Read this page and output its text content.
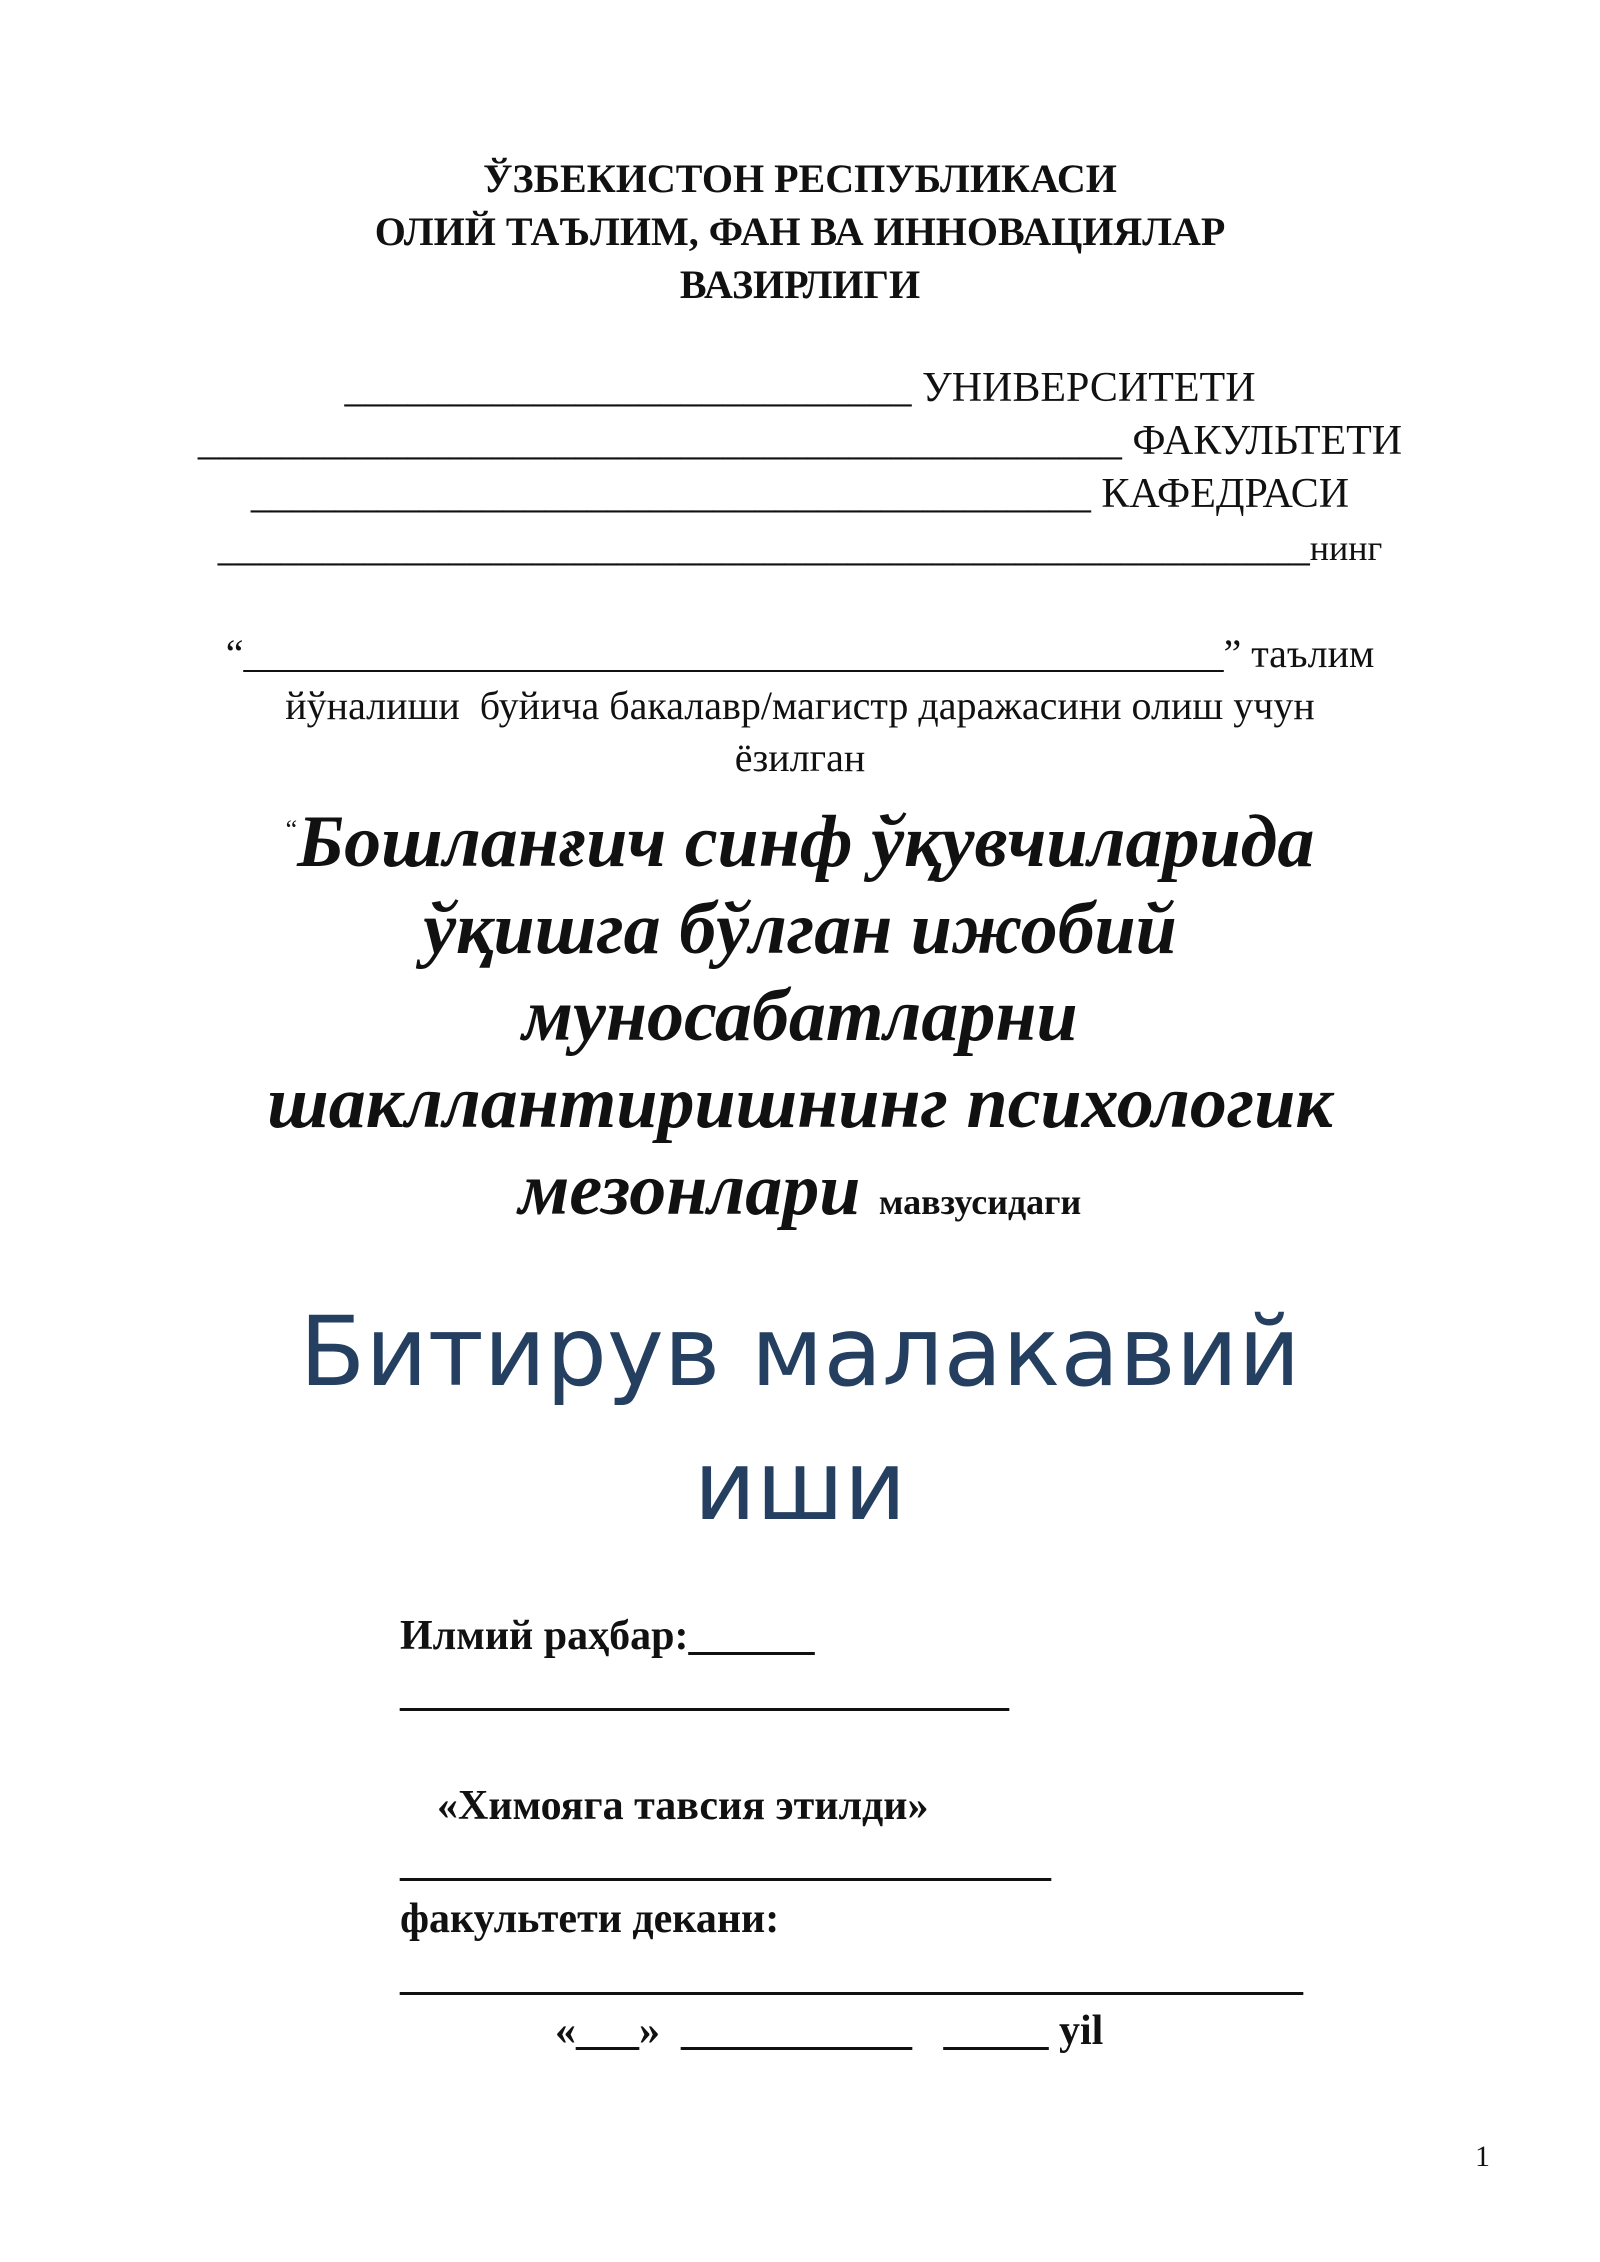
ЎЗБЕКИСТОН РЕСПУБЛИКАСИ
ОЛИЙ ТАЪЛИМ, ФАН ВА ИННОВАЦИЯЛАР
ВАЗИРЛИГИ
___________________________ УНИВЕРСИТЕТИ
____________________________________________ ФАКУЛЬТЕТИ
________________________________________ КАФЕДРАСИ
____________________________________________________нинг
“_________________________________________________” таълим
йўналиши  буйича бакалавр/магистр даражасини олиш учун
ёзилган
“Бошланғич синф ўқувчиларида
ўқишга бўлган ижобий
муносабатларни
шакллантиришнинг психологик
мезонлари мавзусидаги
Битирув малакавий
иши
Илмий раҳбар:______
_____________________________
«Химояга тавсия этилди»
_______________________________
факультети декани:
___________________________________________
«___»  ___________   _____ yil
1
